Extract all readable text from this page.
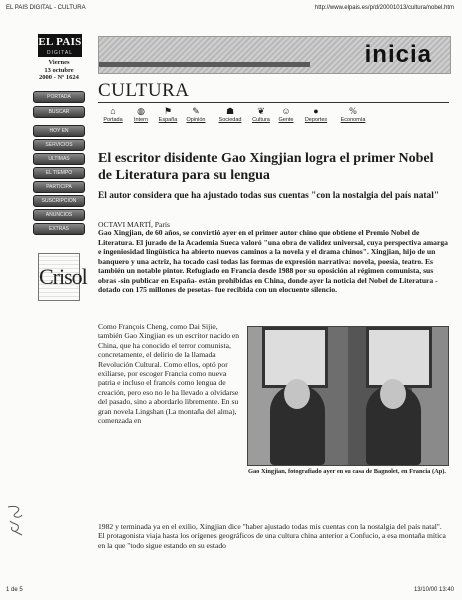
EL PAIS DIGITAL - CULTURA	http://www.elpais.es/p/d/20001013/cultura/nobel.htm
1 de 5	13/10/00 13:40
EL PAIS
DIGITAL
Viernes
13 octubre
2000 - Nº 1624
inicia
PORTADA
BUSCAR
HOY EN
SERVICIOS
ULTIMAS
EL TIEMPO
PARTICIPA
SUSCRIPCION
ANUNCIOS
EXTRAS
Crisol
CULTURA
⌂
Portada
◍
Intern
⚑
España
✎
Opinión
☗
Sociedad
❦
Cultura
☺
Gente
●
Deportes
%
Economía
El escritor disidente Gao Xingjian logra el primer Nobel de Literatura para su lengua
El autor considera que ha ajustado todas sus cuentas "con la nostalgia del país natal"
OCTAVI MARTÍ, París
Gao Xingjian, de 60 años, se convirtió ayer en el primer autor chino que obtiene el Premio Nobel de Literatura. El jurado de la Academia Sueca valoró "una obra de validez universal, cuya perspectiva amarga e ingeniosidad lingüística ha abierto nuevos caminos a la novela y el drama chinos". Xingjian, hijo de un banquero y una actriz, ha tocado casi todas las formas de expresión narrativa: novela, poesía, teatro. Es también un notable pintor. Refugiado en Francia desde 1988 por su oposición al régimen comunista, sus obras -sin publicar en España- están prohibidas en China, donde ayer la noticia del Nobel de Literatura -dotado con 175 millones de pesetas- fue recibida con un elocuente silencio.
Como François Cheng, como Dai Sijie, también Gao Xingjian es un escritor nacido en China, que ha conocido el terror comunista, concretamente, el delirio de la llamada Revolución Cultural. Como ellos, optó por exiliarse, por escoger Francia como nueva patria e incluso el francés como lengua de creación, pero eso no le ha llevado a olvidarse del pasado, sino a abordarlo libremente. En su gran novela Lingshan (La montaña del alma), comenzada en
Gao Xingjian, fotografiado ayer en su casa de Bagnolet, en Francia (Ap).
1982 y terminada ya en el exilio, Xingjian dice "haber ajustado todas mis cuentas con la nostalgia del país natal". El protagonista viaja hasta los orígenes geográficos de una cultura china anterior a Confucio, a esa montaña mítica en la que "todo sigue estando en su estado
